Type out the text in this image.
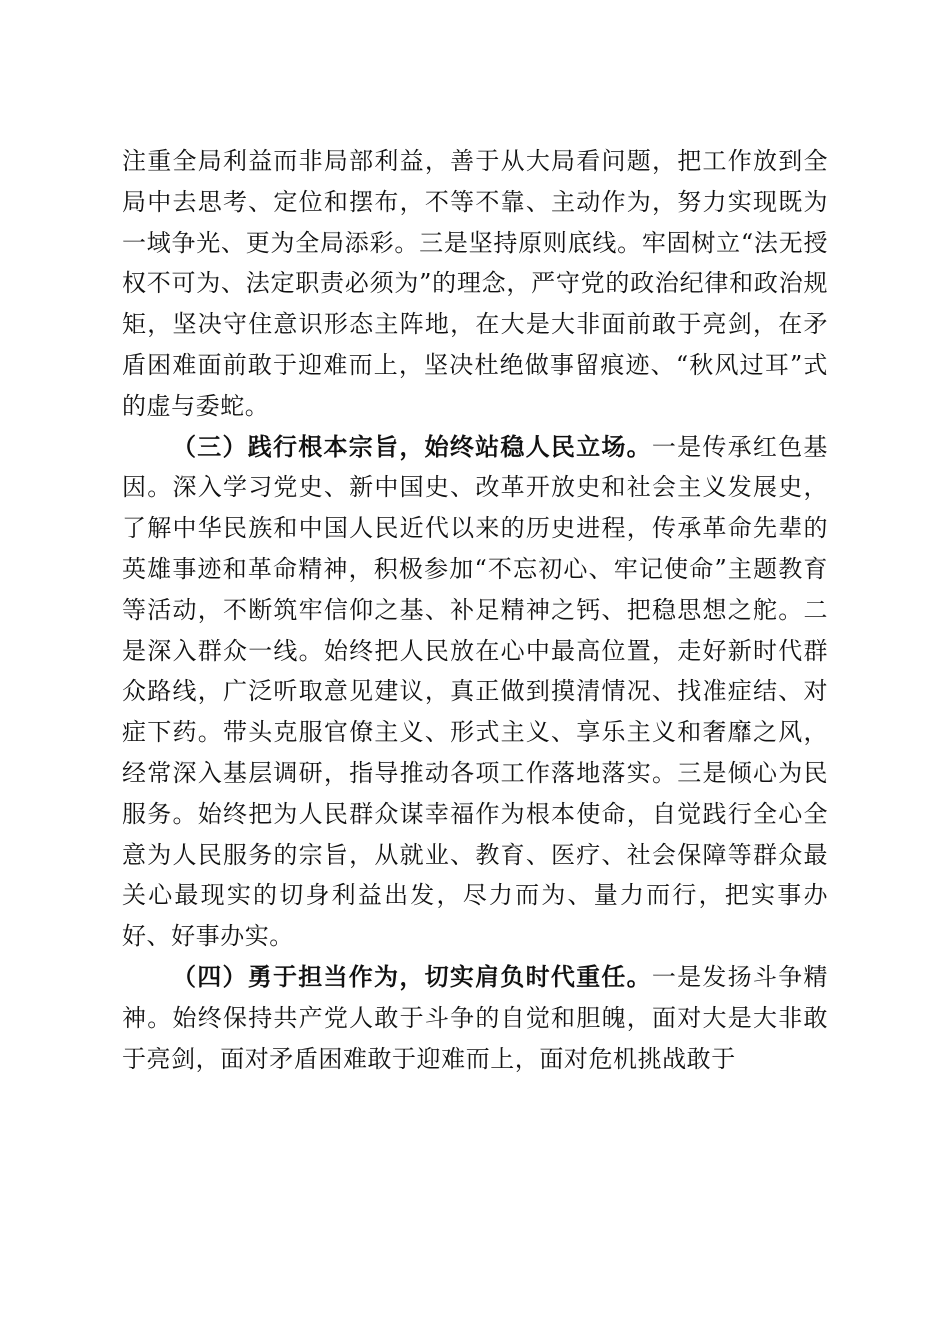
注重全局利益而非局部利益，善于从大局看问题，把工作放到全局中去思考、定位和摆布，不等不靠、主动作为，努力实现既为一域争光、更为全局添彩。三是坚持原则底线。牢固树立“法无授权不可为、法定职责必须为”的理念，严守党的政治纪律和政治规矩，坚决守住意识形态主阵地，在大是大非面前敢于亮剑，在矛盾困难面前敢于迎难而上，坚决杜绝做事留痕迹、“秋风过耳”式的虚与委蛇。

（三）践行根本宗旨，始终站稳人民立场。一是传承红色基因。深入学习党史、新中国史、改革开放史和社会主义发展史，了解中华民族和中国人民近代以来的历史进程，传承革命先辈的英雄事迹和革命精神，积极参加“不忘初心、牢记使命”主题教育等活动，不断筑牢信仰之基、补足精神之钙、把稳思想之舵。二是深入群众一线。始终把人民放在心中最高位置，走好新时代群众路线，广泛听取意见建议，真正做到摸清情况、找准症结、对症下药。带头克服官僚主义、形式主义、享乐主义和奢靡之风，经常深入基层调研，指导推动各项工作落地落实。三是倾心为民服务。始终把为人民群众谋幸福作为根本使命，自觉践行全心全意为人民服务的宗旨，从就业、教育、医疗、社会保障等群众最关心最现实的切身利益出发，尽力而为、量力而行，把实事办好、好事办实。

（四）勇于担当作为，切实肩负时代重任。一是发扬斗争精神。始终保持共产党人敢于斗争的自觉和胆魄，面对大是大非敢于亮剑，面对矛盾困难敢于迎难而上，面对危机挑战敢于
